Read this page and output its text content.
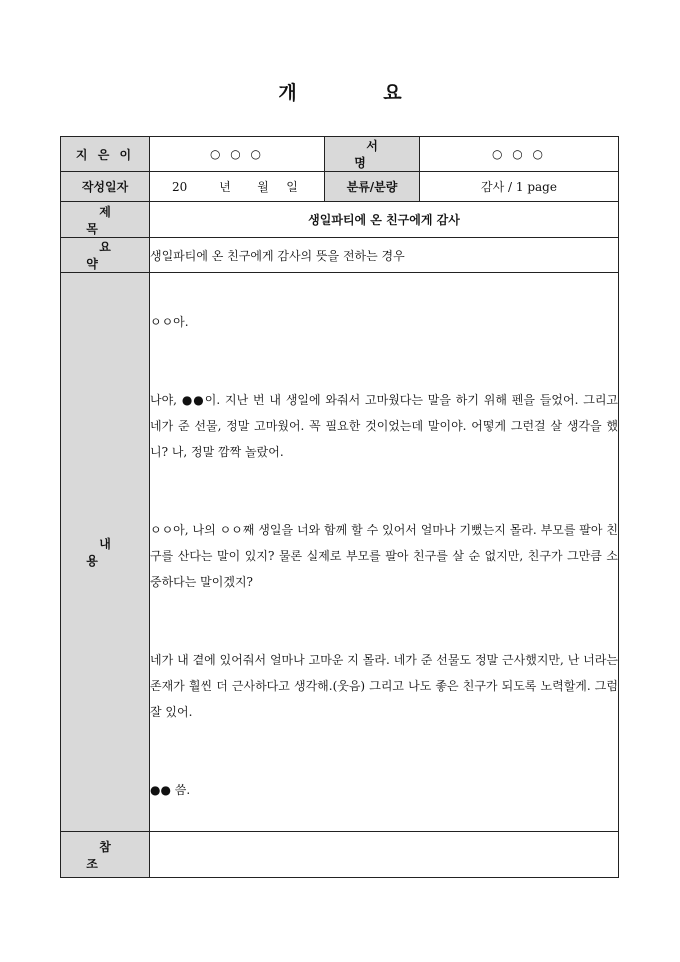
개 요
지 은 이	○ ○ ○	서 명	○ ○ ○
작성일자	20 년 월 일	분류/분량	감사 / 1 page
제 목	생일파티에 온 친구에게 감사		
요 약	생일파티에 온 친구에게 감사의 뜻을 전하는 경우		
내 용	ㅇㅇ아.

나야, ●●이. 지난 번 내 생일에 와줘서 고마웠다는 말을 하기 위해 펜을 들었어. 그리고 네가 준 선물, 정말 고마웠어. 꼭 필요한 것이었는데 말이야. 어떻게 그런걸 살 생각을 했니? 나, 정말 깜짝 놀랐어.

ㅇㅇ아, 나의 ㅇㅇ째 생일을 너와 함께 할 수 있어서 얼마나 기뻤는지 몰라. 부모를 팔아 친구를 산다는 말이 있지? 물론 실제로 부모를 팔아 친구를 살 순 없지만, 친구가 그만큼 소중하다는 말이겠지?

네가 내 곁에 있어줘서 얼마나 고마운 지 몰라. 네가 준 선물도 정말 근사했지만, 난 너라는 존재가 훨씬 더 근사하다고 생각해.(웃음) 그리고 나도 좋은 친구가 되도록 노력할게. 그럼 잘 있어.

●● 씀.		

참 조			
